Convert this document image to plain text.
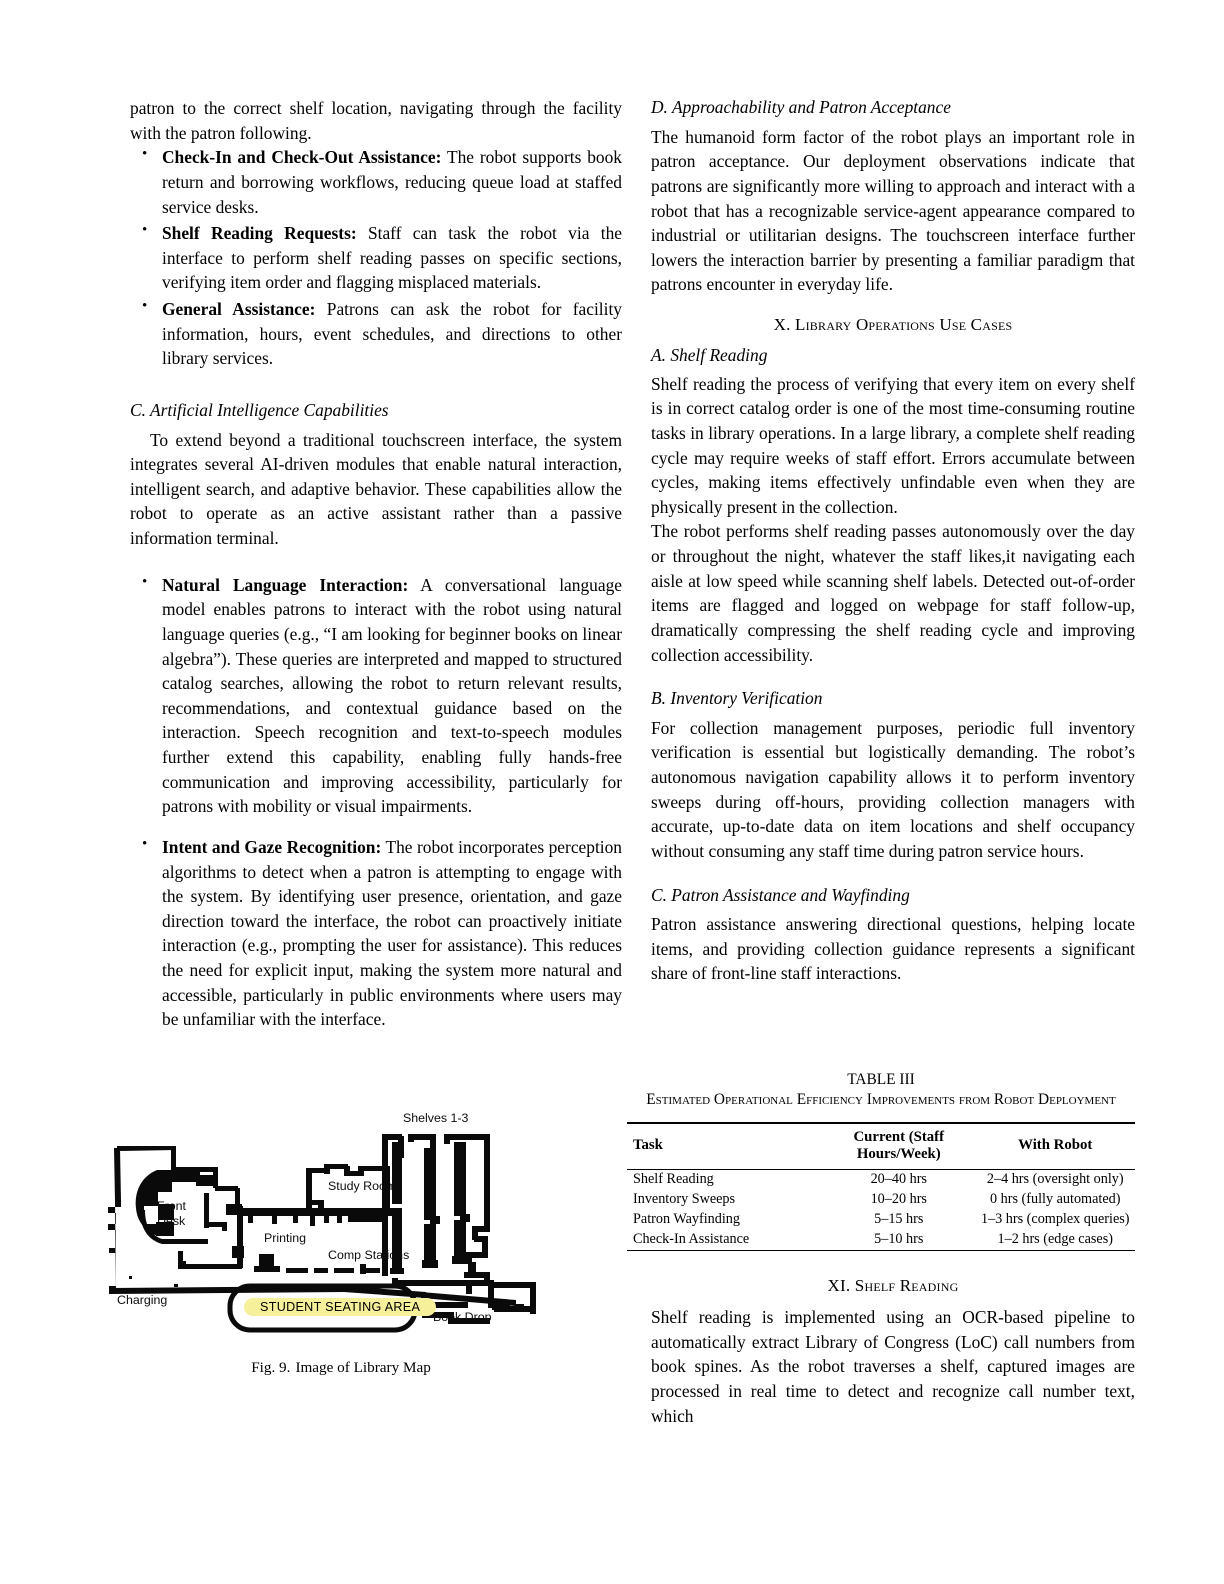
patron to the correct shelf location, navigating through the facility with the patron following.

• Check-In and Check-Out Assistance: The robot supports book return and borrowing workflows, reducing queue load at staffed service desks.
• Shelf Reading Requests: Staff can task the robot via the interface to perform shelf reading passes on specific sections, verifying item order and flagging misplaced materials.
• General Assistance: Patrons can ask the robot for facility information, hours, event schedules, and directions to other library services.
C. Artificial Intelligence Capabilities

To extend beyond a traditional touchscreen interface, the system integrates several AI-driven modules that enable natural interaction, intelligent search, and adaptive behavior. These capabilities allow the robot to operate as an active assistant rather than a passive information terminal.

• Natural Language Interaction: A conversational language model enables patrons to interact with the robot using natural language queries (e.g., “I am looking for beginner books on linear algebra”). These queries are interpreted and mapped to structured catalog searches, allowing the robot to return relevant results, recommendations, and contextual guidance based on the interaction. Speech recognition and text-to-speech modules further extend this capability, enabling fully hands-free communication and improving accessibility, particularly for patrons with mobility or visual impairments.
• Intent and Gaze Recognition: The robot incorporates perception algorithms to detect when a patron is attempting to engage with the system. By identifying user presence, orientation, and gaze direction toward the interface, the robot can proactively initiate interaction (e.g., prompting the user for assistance). This reduces the need for explicit input, making the system more natural and accessible, particularly in public environments where users may be unfamiliar with the interface.
Shelves 1-3
Study Room
Front
Desk
Printing
Comp Stations
Charging
Book Drop
STUDENT SEATING AREA
Fig. 9. Image of Library Map
D. Approachability and Patron Acceptance

The humanoid form factor of the robot plays an important role in patron acceptance. Our deployment observations indicate that patrons are significantly more willing to approach and interact with a robot that has a recognizable service-agent appearance compared to industrial or utilitarian designs. The touchscreen interface further lowers the interaction barrier by presenting a familiar paradigm that patrons encounter in everyday life.

X. Library Operations Use Cases
A. Shelf Reading

Shelf reading the process of verifying that every item on every shelf is in correct catalog order is one of the most time-consuming routine tasks in library operations. In a large library, a complete shelf reading cycle may require weeks of staff effort. Errors accumulate between cycles, making items effectively unfindable even when they are physically present in the collection.

The robot performs shelf reading passes autonomously over the day or throughout the night, whatever the staff likes,it navigating each aisle at low speed while scanning shelf labels. Detected out-of-order items are flagged and logged on webpage for staff follow-up, dramatically compressing the shelf reading cycle and improving collection accessibility.

B. Inventory Verification

For collection management purposes, periodic full inventory verification is essential but logistically demanding. The robot’s autonomous navigation capability allows it to perform inventory sweeps during off-hours, providing collection managers with accurate, up-to-date data on item locations and shelf occupancy without consuming any staff time during patron service hours.

C. Patron Assistance and Wayfinding

Patron assistance answering directional questions, helping locate items, and providing collection guidance represents a significant share of front-line staff interactions.

TABLE III
Estimated Operational Efficiency Improvements from Robot Deployment
Task	Current (Staff Hours/Week)	With Robot
Shelf Reading	20–40 hrs	2–4 hrs (oversight only)
Inventory Sweeps	10–20 hrs	0 hrs (fully automated)
Patron Wayfinding	5–15 hrs	1–3 hrs (complex queries)
Check-In Assistance	5–10 hrs	1–2 hrs (edge cases)
XI. Shelf Reading

Shelf reading is implemented using an OCR-based pipeline to automatically extract Library of Congress (LoC) call numbers from book spines. As the robot traverses a shelf, captured images are processed in real time to detect and recognize call number text, which
